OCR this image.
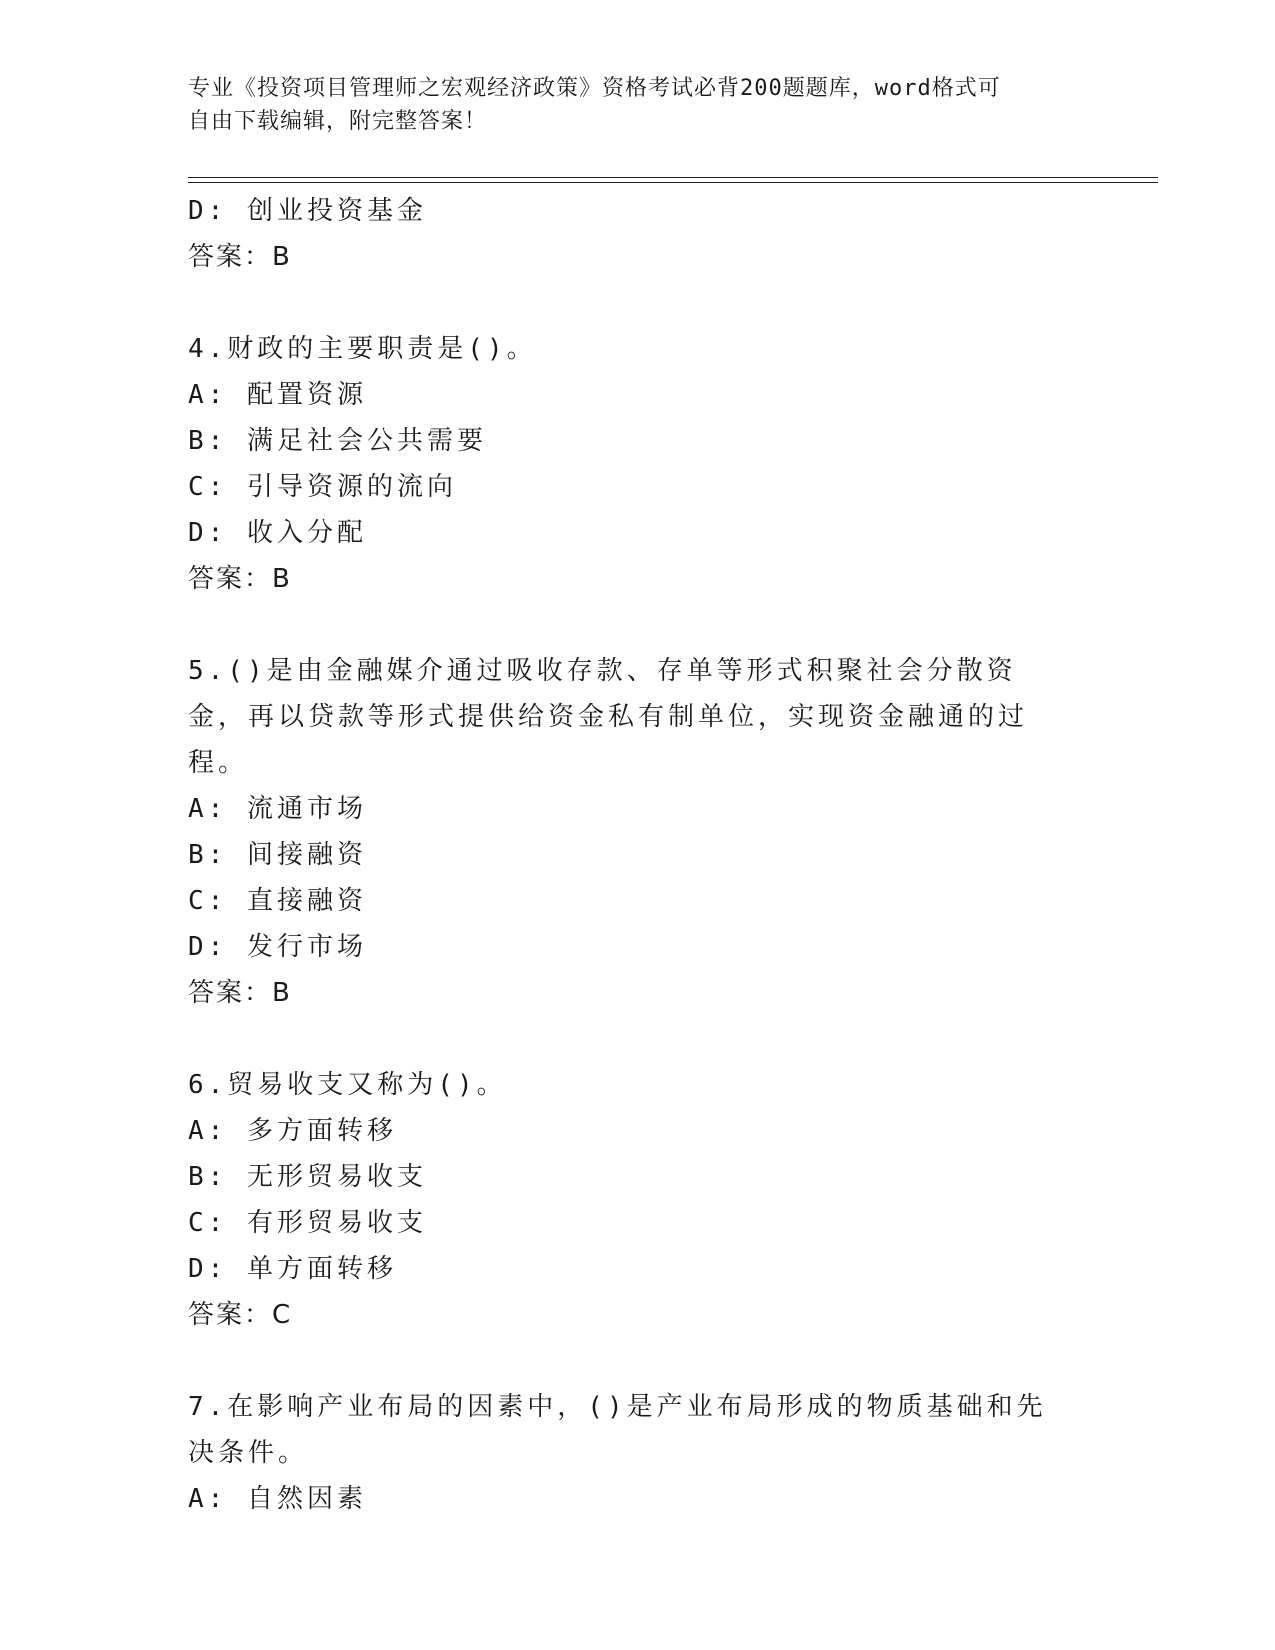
专业《投资项目管理师之宏观经济政策》资格考试必背200题题库，word格式可
自由下载编辑，附完整答案！
D: 创业投资基金
答案：B
4.财政的主要职责是()。
A: 配置资源
B: 满足社会公共需要
C: 引导资源的流向
D: 收入分配
答案：B
5.()是由金融媒介通过吸收存款、存单等形式积聚社会分散资金，再以贷款等形式提供给资金私有制单位，实现资金融通的过程。
A: 流通市场
B: 间接融资
C: 直接融资
D: 发行市场
答案：B
6.贸易收支又称为()。
A: 多方面转移
B: 无形贸易收支
C: 有形贸易收支
D: 单方面转移
答案：C
7.在影响产业布局的因素中，()是产业布局形成的物质基础和先决条件。
A: 自然因素
